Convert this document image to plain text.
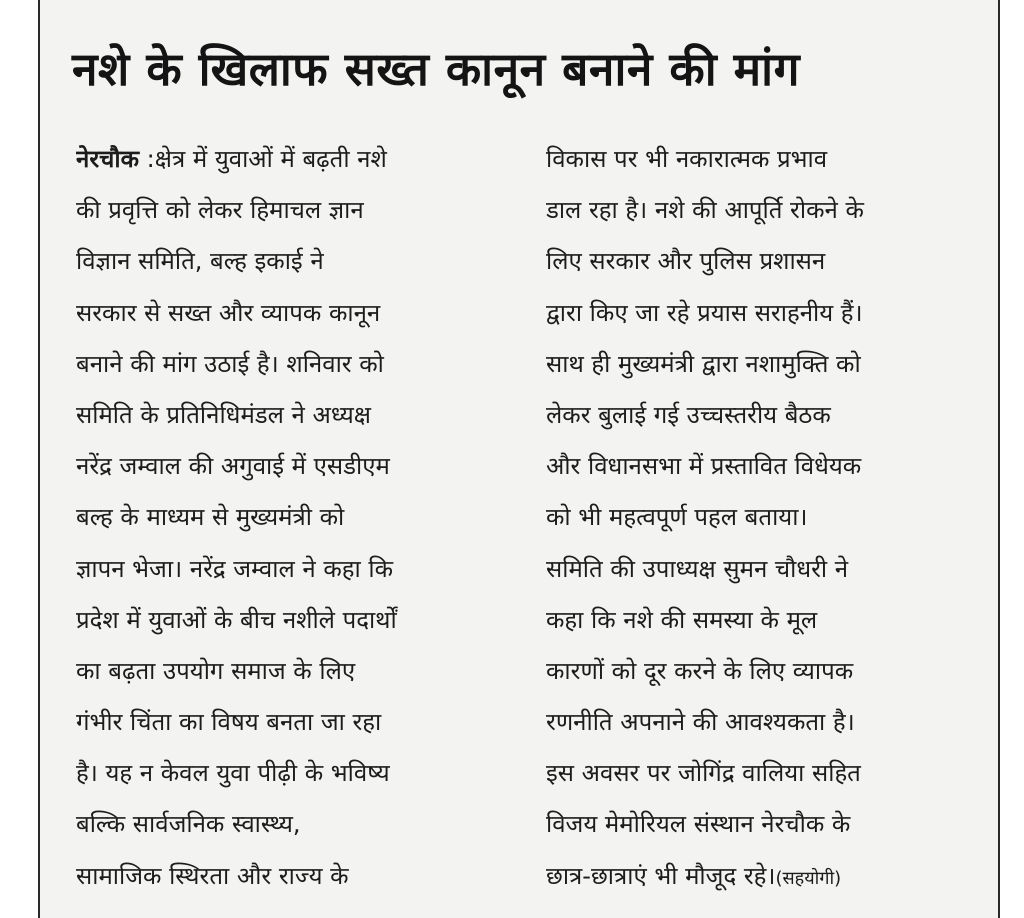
नशे के खिलाफ सख्त कानून बनाने की मांग
नेरचौक :क्षेत्र में युवाओं में बढ़ती नशे
की प्रवृत्ति को लेकर हिमाचल ज्ञान
विज्ञान समिति, बल्ह इकाई ने
सरकार से सख्त और व्यापक कानून
बनाने की मांग उठाई है। शनिवार को
समिति के प्रतिनिधिमंडल ने अध्यक्ष
नरेंद्र जम्वाल की अगुवाई में एसडीएम
बल्ह के माध्यम से मुख्यमंत्री को
ज्ञापन भेजा। नरेंद्र जम्वाल ने कहा कि
प्रदेश में युवाओं के बीच नशीले पदार्थों
का बढ़ता उपयोग समाज के लिए
गंभीर चिंता का विषय बनता जा रहा
है। यह न केवल युवा पीढ़ी के भविष्य
बल्कि सार्वजनिक स्वास्थ्य,
सामाजिक स्थिरता और राज्य के
विकास पर भी नकारात्मक प्रभाव
डाल रहा है। नशे की आपूर्ति रोकने के
लिए सरकार और पुलिस प्रशासन
द्वारा किए जा रहे प्रयास सराहनीय हैं।
साथ ही मुख्यमंत्री द्वारा नशामुक्ति को
लेकर बुलाई गई उच्चस्तरीय बैठक
और विधानसभा में प्रस्तावित विधेयक
को भी महत्वपूर्ण पहल बताया।
समिति की उपाध्यक्ष सुमन चौधरी ने
कहा कि नशे की समस्या के मूल
कारणों को दूर करने के लिए व्यापक
रणनीति अपनाने की आवश्यकता है।
इस अवसर पर जोगिंद्र वालिया सहित
विजय मेमोरियल संस्थान नेरचौक के
छात्र-छात्राएं भी मौजूद रहे।(सहयोगी)
